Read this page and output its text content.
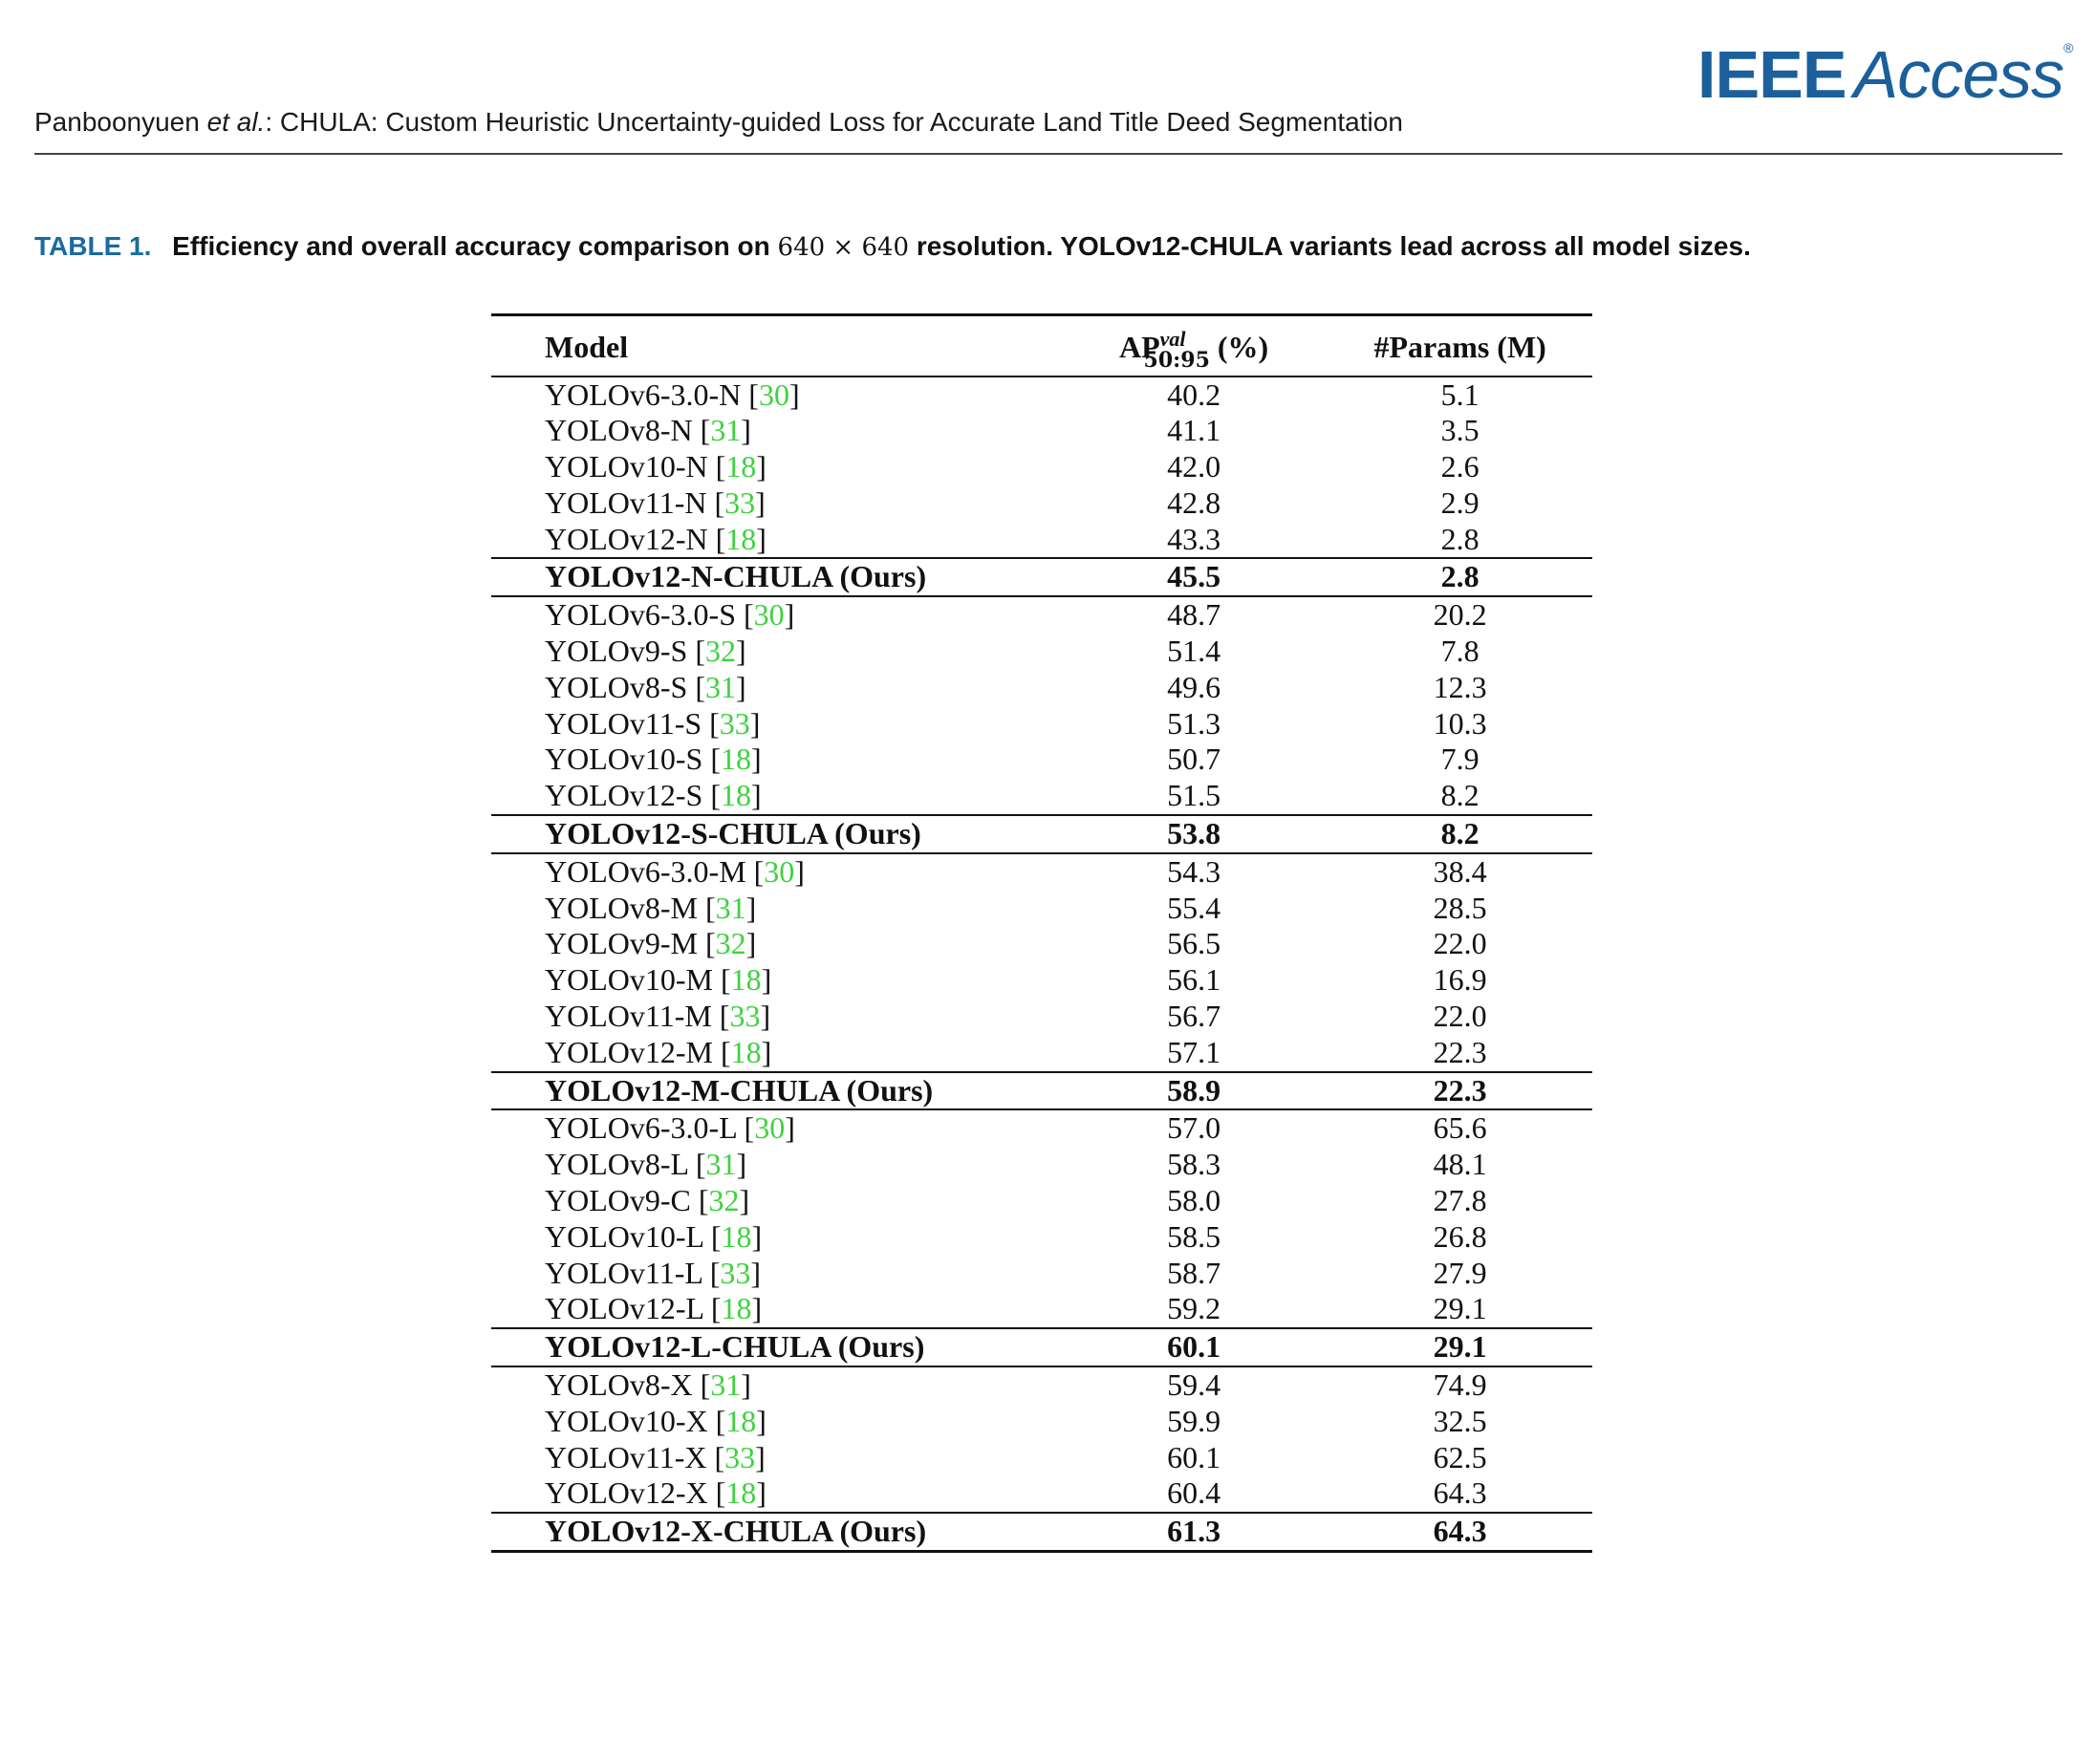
IEEE Access®
Panboonyuen et al.: CHULA: Custom Heuristic Uncertainty-guided Loss for Accurate Land Title Deed Segmentation
TABLE 1. Efficiency and overall accuracy comparison on 640 × 640 resolution. YOLOv12-CHULA variants lead across all model sizes.
Model	$AP^{val}_{50:95}$ (%)	#Params (M)
YOLOv6-3.0-N [30]	40.2	5.1
YOLOv8-N [31]	41.1	3.5
YOLOv10-N [18]	42.0	2.6
YOLOv11-N [33]	42.8	2.9
YOLOv12-N [18]	43.3	2.8
YOLOv12-N-CHULA (Ours)	45.5	2.8
YOLOv6-3.0-S [30]	48.7	20.2
YOLOv9-S [32]	51.4	7.8
YOLOv8-S [31]	49.6	12.3
YOLOv11-S [33]	51.3	10.3
YOLOv10-S [18]	50.7	7.9
YOLOv12-S [18]	51.5	8.2
YOLOv12-S-CHULA (Ours)	53.8	8.2
YOLOv6-3.0-M [30]	54.3	38.4
YOLOv8-M [31]	55.4	28.5
YOLOv9-M [32]	56.5	22.0
YOLOv10-M [18]	56.1	16.9
YOLOv11-M [33]	56.7	22.0
YOLOv12-M [18]	57.1	22.3
YOLOv12-M-CHULA (Ours)	58.9	22.3
YOLOv6-3.0-L [30]	57.0	65.6
YOLOv8-L [31]	58.3	48.1
YOLOv9-C [32]	58.0	27.8
YOLOv10-L [18]	58.5	26.8
YOLOv11-L [33]	58.7	27.9
YOLOv12-L [18]	59.2	29.1
YOLOv12-L-CHULA (Ours)	60.1	29.1
YOLOv8-X [31]	59.4	74.9
YOLOv10-X [18]	59.9	32.5
YOLOv11-X [33]	60.1	62.5
YOLOv12-X [18]	60.4	64.3
YOLOv12-X-CHULA (Ours)	61.3	64.3
